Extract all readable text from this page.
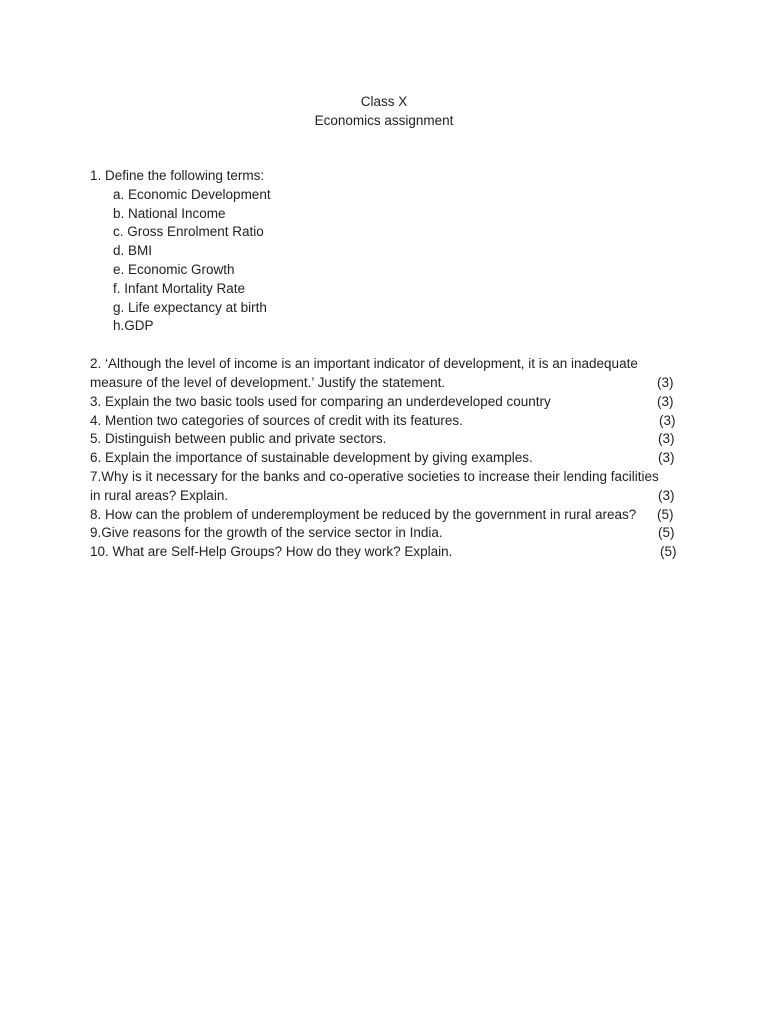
Class X
Economics assignment
1. Define the following terms:
a. Economic Development
b. National Income
c. Gross Enrolment Ratio
d. BMI
e. Economic Growth
f. Infant Mortality Rate
g. Life expectancy at birth
h.GDP
2. ‘Although the level of income is an important indicator of development, it is an inadequate
measure of the level of development.’ Justify the statement.	(3)
3. Explain the two basic tools used for comparing an underdeveloped country	(3)
4. Mention two categories of sources of credit with its features.	(3)
5. Distinguish between public and private sectors.	(3)
6. Explain the importance of sustainable development by giving examples.	(3)
7.Why is it necessary for the banks and co-operative societies to increase their lending facilities
in rural areas? Explain.	(3)
8. How can the problem of underemployment be reduced by the government in rural areas? (5)
9.Give reasons for the growth of the service sector in India.	(5)
10. What are Self-Help Groups? How do they work? Explain.	(5)
